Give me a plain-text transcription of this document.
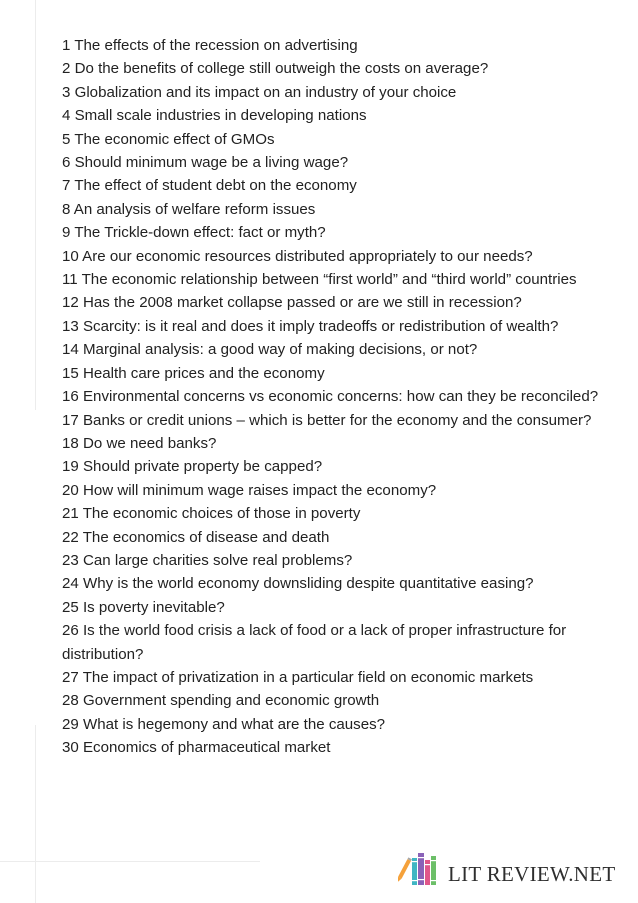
1 The effects of the recession on advertising
2 Do the benefits of college still outweigh the costs on average?
3 Globalization and its impact on an industry of your choice
4 Small scale industries in developing nations
5 The economic effect of GMOs
6 Should minimum wage be a living wage?
7 The effect of student debt on the economy
8 An analysis of welfare reform issues
9 The Trickle-down effect: fact or myth?
10 Are our economic resources distributed appropriately to our needs?
11 The economic relationship between “first world” and “third world” countries
12 Has the 2008 market collapse passed or are we still in recession?
13 Scarcity: is it real and does it imply tradeoffs or redistribution of wealth?
14 Marginal analysis: a good way of making decisions, or not?
15 Health care prices and the economy
16 Environmental concerns vs economic concerns: how can they be reconciled?
17 Banks or credit unions – which is better for the economy and the consumer?
18 Do we need banks?
19 Should private property be capped?
20 How will minimum wage raises impact the economy?
21 The economic choices of those in poverty
22 The economics of disease and death
23 Can large charities solve real problems?
24 Why is the world economy downsliding despite quantitative easing?
25 Is poverty inevitable?
26 Is the world food crisis a lack of food or a lack of proper infrastructure for distribution?
27 The impact of privatization in a particular field on economic markets
28 Government spending and economic growth
29 What is hegemony and what are the causes?
30 Economics of pharmaceutical market
LIT REVIEW.NET
